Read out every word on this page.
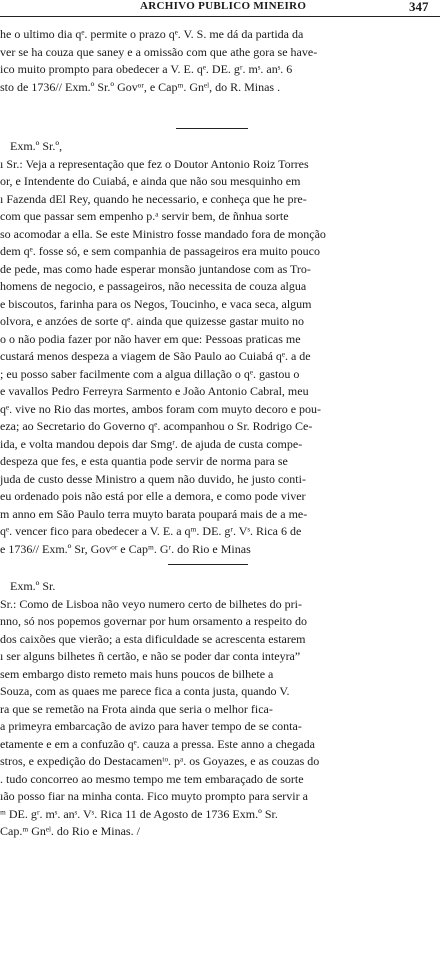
ARCHIVO PUBLICO MINEIRO	347
he o ultimo dia qᵉ. permite o prazo qᵉ. V. S. me dá da partida da
ver se ha couza que saney e a omissão com que athe gora se have-
ico muito prompto para obedecer a V. E. qᵉ. DE. gʳ. mˢ. anˢ. 6
sto de 1736// Exm.º Sr.º Govᵒʳ, e Capᵐ. Gnᵉˡ, do R. Minas .
Exm.º Sr.º,
ı Sr.: Veja a representação que fez o Doutor Antonio Roiz Torres
or, e Intendente do Cuiabá, e ainda que não sou mesquinho em
ı Fazenda dEl Rey, quando he necessario, e conheça que he pre-
com que passar sem empenho p.ᵃ servir bem, de ñnhua sorte
so acomodar a ella. Se este Ministro fosse mandado fora de monção
dem qᵉ. fosse só, e sem companhia de passageiros era muito pouco
de pede, mas como hade esperar monsão juntandose com as Tro-
homens de negocio, e passageiros, não necessita de couza algua
e biscoutos, farinha para os Negos, Toucinho, e vaca seca, algum
olvora, e anzóes de sorte qᵉ. ainda que quizesse gastar muito no
o o não podia fazer por não haver em que: Pessoas praticas me
custará menos despeza a viagem de São Paulo ao Cuiabá qᵉ. a de
; eu posso saber facilmente com a algua dillação o qᵉ. gastou o
e vavallos Pedro Ferreyra Sarmento e João Antonio Cabral, meu
qᵉ. vive no Rio das mortes, ambos foram com muyto decoro e pou-
eza; ao Secretario do Governo qᵉ. acompanhou o Sr. Rodrigo Ce-
ida, e volta mandou depois dar Smgʳ. de ajuda de custa compe-
despeza que fes, e esta quantia pode servir de norma para se
juda de custo desse Ministro a quem não duvido, he justo conti-
eu ordenado pois não está por elle a demora, e como pode viver
m anno em São Paulo terra muyto barata poupará mais de a me-
qᵉ. vencer fico para obedecer a V. E. a qᵐ. DE. gʳ. Vˢ. Rica 6 de
e 1736// Exm.º Sr, Govᵒʳ e Capᵐ. Gʳ. do Rio e Minas
Exm.º Sr.
Sr.: Como de Lisboa não veyo numero certo de bilhetes do pri-
nno, só nos popemos governar por hum orsamento a respeito do
dos caixões que vierão; a esta dificuldade se acrescenta estarem
ı ser alguns bilhetes ñ certão, e não se poder dar conta inteyra”
sem embargo disto remeto mais huns poucos de bilhete a
Souza, com as quaes me parece fica a conta justa, quando V.
ra que se remetão na Frota ainda que seria o melhor fica-
a primeyra embarcação de avizo para haver tempo de se conta-
etamente e em a confuzão qᵉ. cauza a pressa. Este anno a chegada
stros, e expedição do Destacamenᵗᵒ. pᵃ. os Goyazes, e as couzas do
. tudo concorreo ao mesmo tempo me tem embaraçado de sorte
ıão posso fiar na minha conta. Fico muyto prompto para servir a
ᵐ DE. gʳ. mˢ. anˢ. Vˢ. Rica 11 de Agosto de 1736 Exm.º Sr.
Cap.ᵐ Gnᵉˡ. do Rio e Minas. /
